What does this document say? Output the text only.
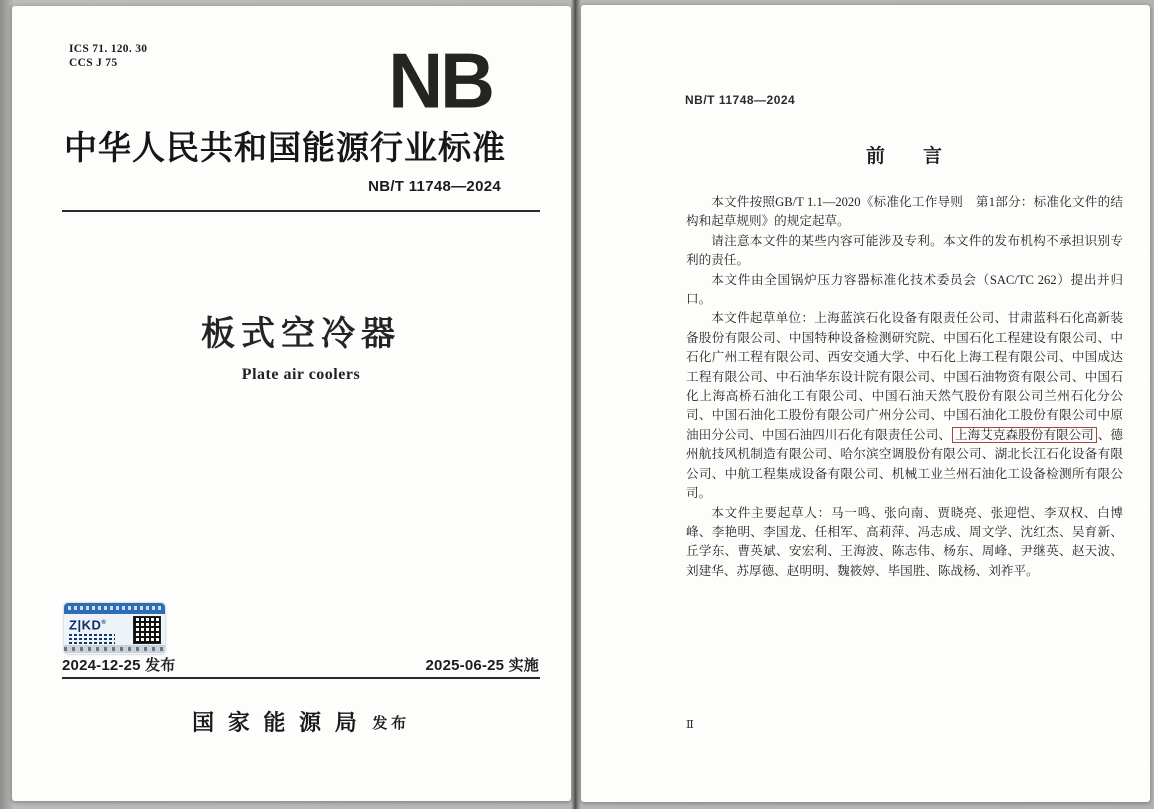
ICS 71. 120. 30
CCS J 75	NB
中华人民共和国能源行业标准
NB/T 11748—2024
板式空冷器
Plate air coolers
Z|KD®
2024-12-25 发布	2025-06-25 实施
国家能源局 发布
NB/T 11748—2024
前　　言

本文件按照GB/T 1.1—2020《标准化工作导则　第1部分：标准化文件的结构和起草规则》的规定起草。

请注意本文件的某些内容可能涉及专利。本文件的发布机构不承担识别专利的责任。

本文件由全国锅炉压力容器标准化技术委员会（SAC/TC 262）提出并归口。

本文件起草单位：上海蓝滨石化设备有限责任公司、甘肃蓝科石化高新装备股份有限公司、中国特种设备检测研究院、中国石化工程建设有限公司、中石化广州工程有限公司、西安交通大学、中石化上海工程有限公司、中国成达工程有限公司、中石油华东设计院有限公司、中国石油物资有限公司、中国石化上海高桥石油化工有限公司、中国石油天然气股份有限公司兰州石化分公司、中国石油化工股份有限公司广州分公司、中国石油化工股份有限公司中原油田分公司、中国石油四川石化有限责任公司、 上海艾克森股份有限公司 、德州航技风机制造有限公司、哈尔滨空调股份有限公司、湖北长江石化设备有限公司、中航工程集成设备有限公司、机械工业兰州石油化工设备检测所有限公司。

本文件主要起草人：马一鸣、张向南、贾晓亮、张迎恺、李双权、白博峰、李艳明、李国龙、任相军、高莉萍、冯志成、周文学、沈红杰、吴育新、丘学东、曹英斌、安宏利、王海波、陈志伟、杨东、周峰、尹继英、赵天波、刘建华、苏厚德、赵明明、魏筱婷、毕国胜、陈战杨、刘祚平。

Ⅱ
